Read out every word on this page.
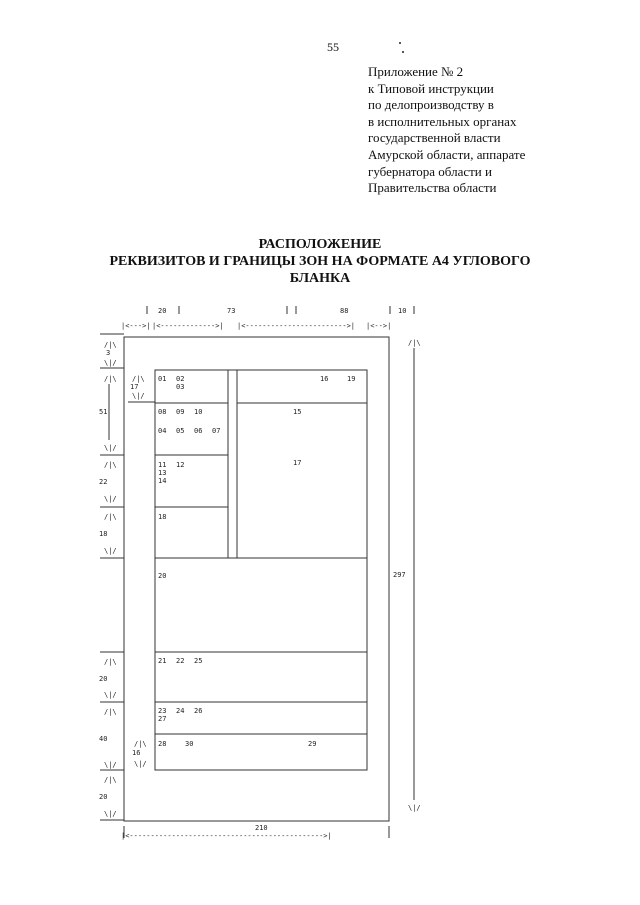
55
Приложение № 2
к Типовой инструкции
по делопроизводству в
в исполнительных органах
государственной власти
Амурской области, аппарате
губернатора области и
Правительства области
РАСПОЛОЖЕНИЕ
РЕКВИЗИТОВ И ГРАНИЦЫ ЗОН НА ФОРМАТЕ А4 УГЛОВОГО
БЛАНКА
20	73	88	10
|<--->| |<------------->| |<------------------------>| |<-->|
/|\
3
\|/
/|\
51
\|/
/|\
22
\|/
/|\
18
\|/
/|\
20
\|/
/|\
40
\|/
/|\
20
\|/
/|\
17
\|/
/|\
16
\|/
/|\
297
\|/
210
|<---------------------------------------------->|
01 02
03
16	19
08 09 10	15
04 05 06 07
11 12
13
14
17
18
20
21 22 25
23 24 26
27
28	30	29
